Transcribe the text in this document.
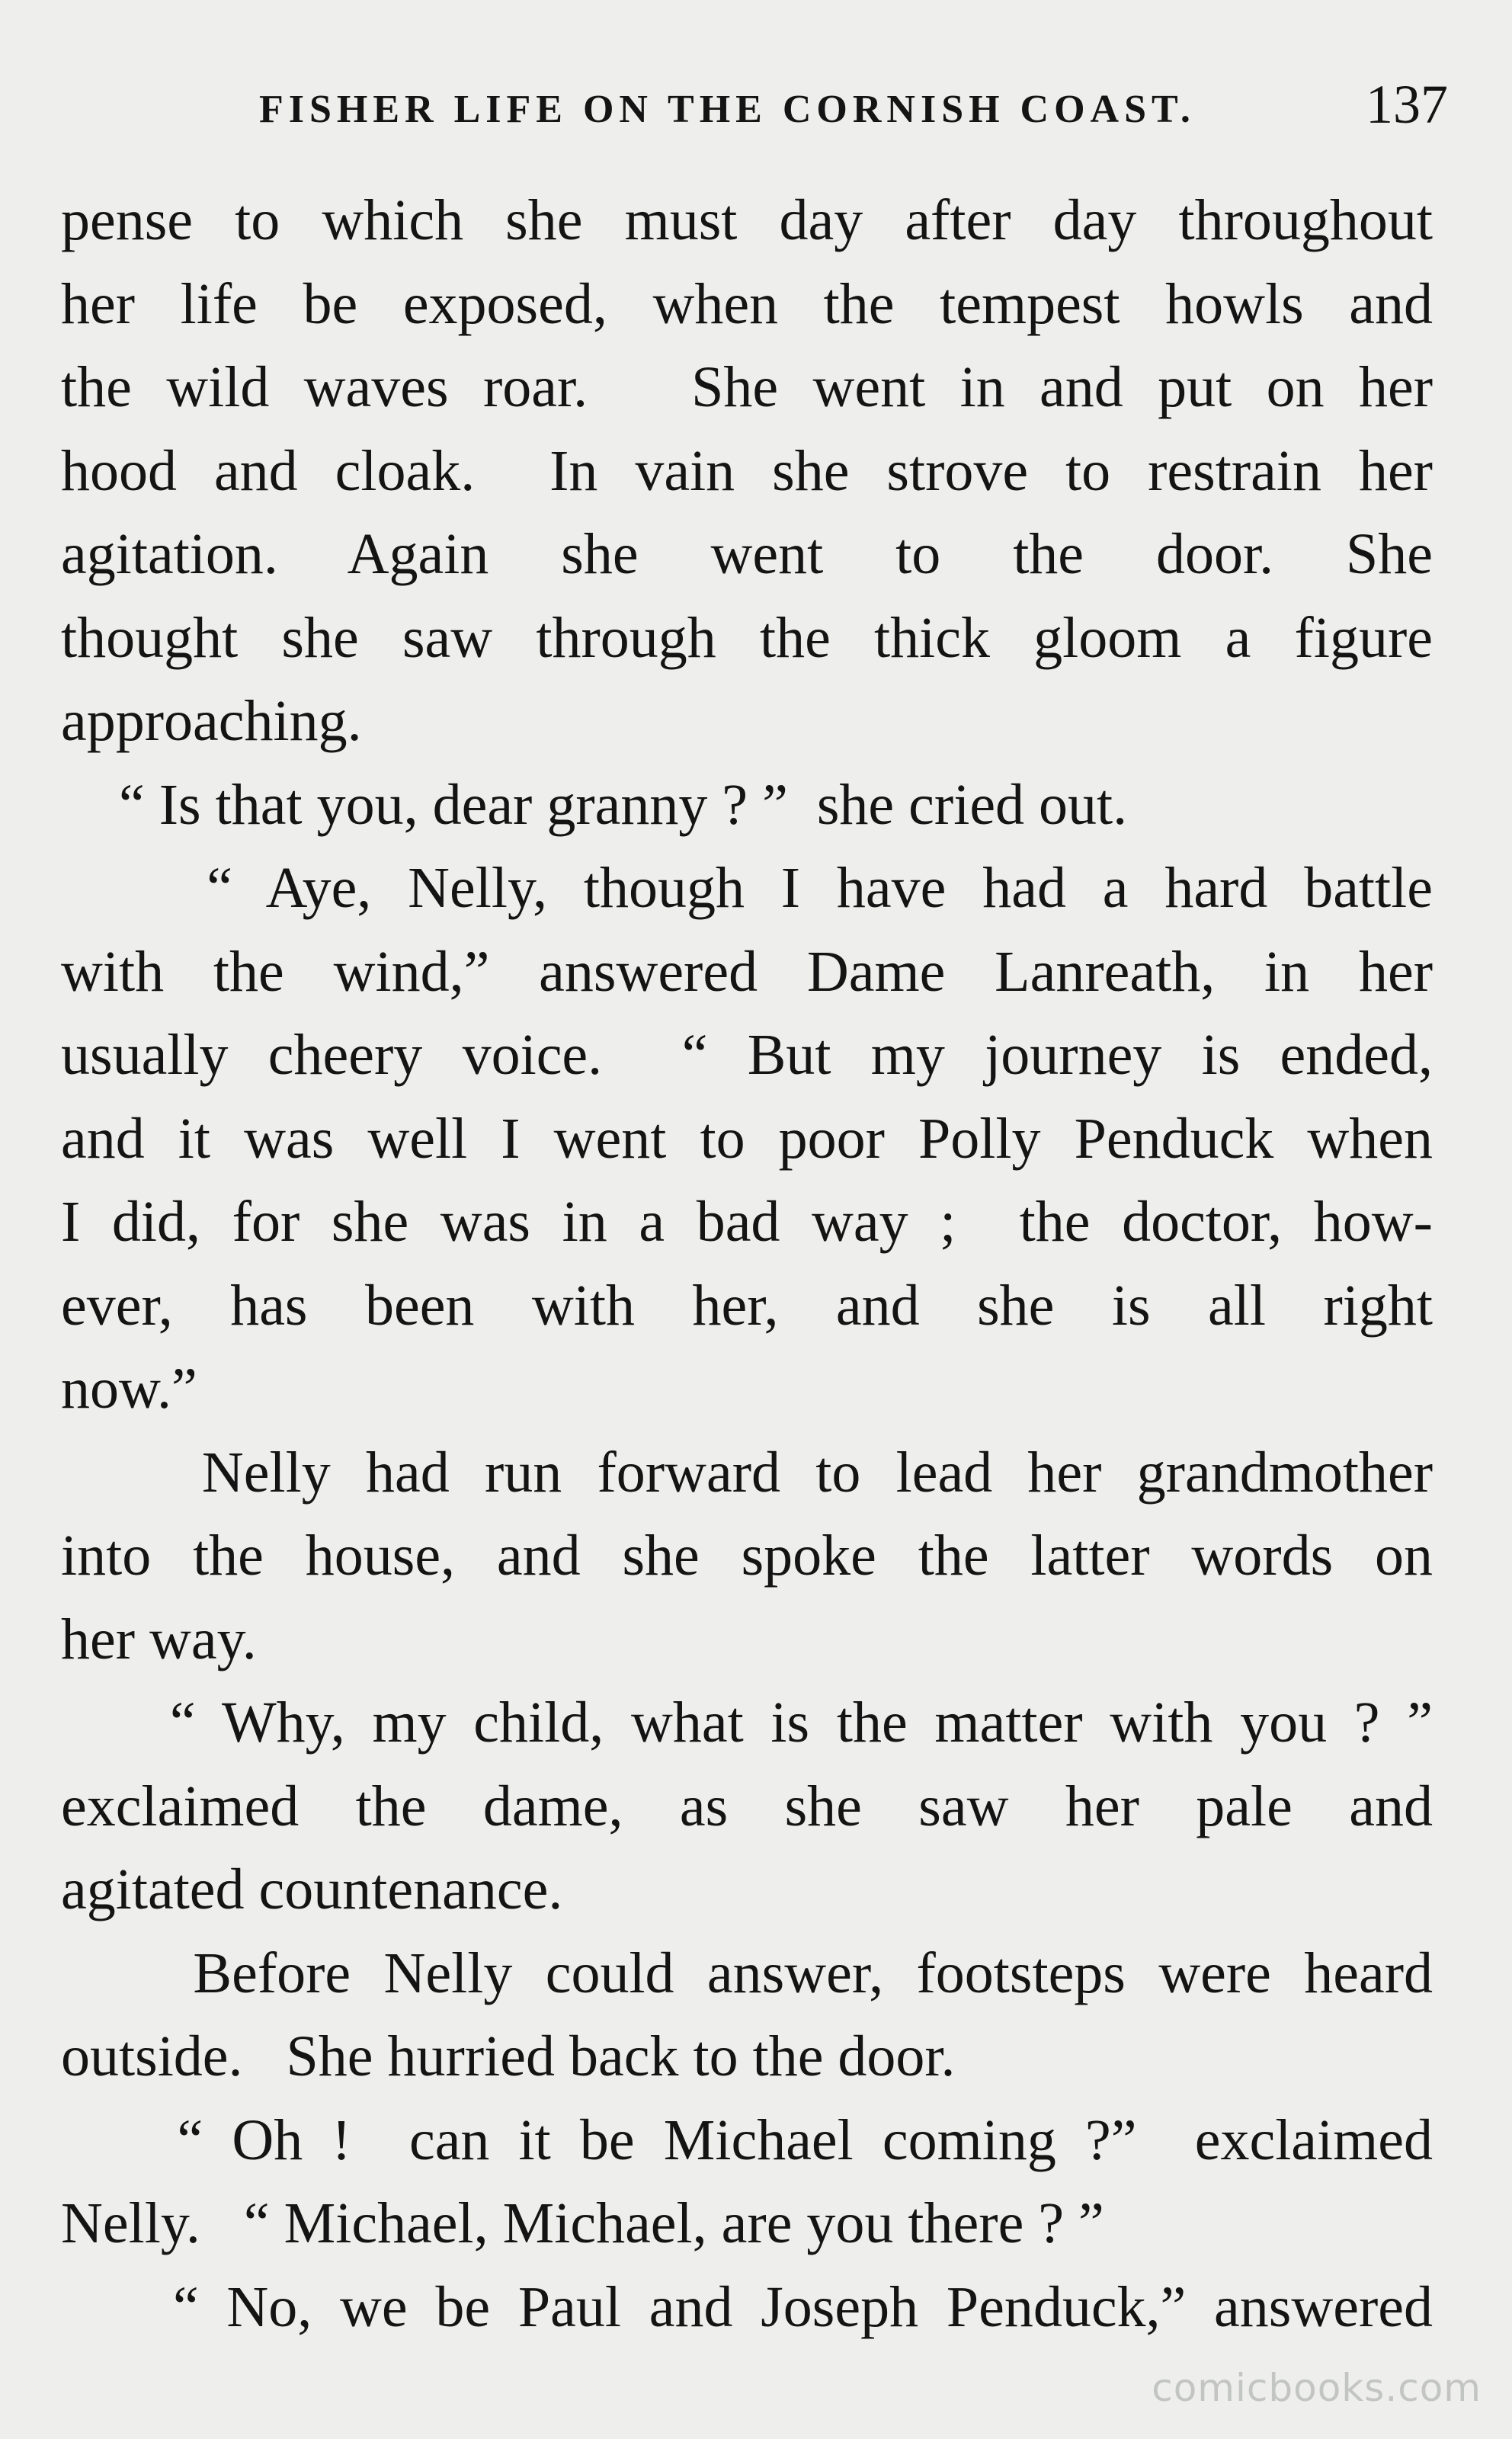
FISHER LIFE ON THE CORNISH COAST.	137
pense to which she must day after day throughout
her life be exposed, when the tempest howls and
the wild waves roar.   She went in and put on her
hood and cloak.  In vain she strove to restrain her
agitation.  Again  she  went  to  the  door.  She
thought she saw through the thick gloom a figure
approaching.
“ Is that you, dear granny ? ”  she cried out.
“ Aye, Nelly, though I have had a hard battle
with the wind,” answered Dame Lanreath, in her
usually cheery voice.  “ But my journey is ended,
and it was well I went to poor Polly Penduck when
I did, for she was in a bad way ;  the doctor, how-
ever, has been with her, and she is all right
now.”
Nelly had run forward to lead her grandmother
into the house, and she spoke the latter words on
her way.
“ Why, my child, what is the matter with you ? ”
exclaimed the dame, as she saw her pale and
agitated countenance.
Before Nelly could answer, footsteps were heard
outside.   She hurried back to the door.
“ Oh !  can it be Michael coming ?”  exclaimed
Nelly.   “ Michael, Michael, are you there ? ”
“ No, we be Paul and Joseph Penduck,” answered
comicbooks.com
